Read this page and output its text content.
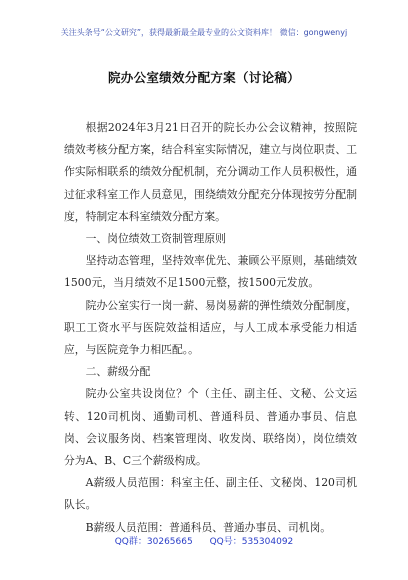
关注头条号“公文研究”，获得最新最全最专业的公文资料库！ 微信：gongwenyj
院办公室绩效分配方案（讨论稿）

根据2024年3月21日召开的院长办公会议精神，按照院绩效考核分配方案，结合科室实际情况，建立与岗位职责、工作实际相联系的绩效分配机制，充分调动工作人员积极性，通过征求科室工作人员意见，围绕绩效分配充分体现按劳分配制度，特制定本科室绩效分配方案。

一、岗位绩效工资制管理原则

坚持动态管理，坚持效率优先、兼顾公平原则，基础绩效1500元，当月绩效不足1500元整，按1500元发放。

院办公室实行一岗一薪、易岗易薪的弹性绩效分配制度，职工工资水平与医院效益相适应，与人工成本承受能力相适应，与医院竞争力相匹配。。

二、薪级分配

院办公室共设岗位？个（主任、副主任、文秘、公文运转、120司机岗、通勤司机、普通科员、普通办事员、信息岗、会议服务岗、档案管理岗、收发岗、联络岗），岗位绩效分为A、B、C三个薪级构成。

A薪级人员范围：科室主任、副主任、文秘岗、120司机队长。

B薪级人员范围：普通科员、普通办事员、司机岗。

QQ群：30265665 QQ号：535304092
